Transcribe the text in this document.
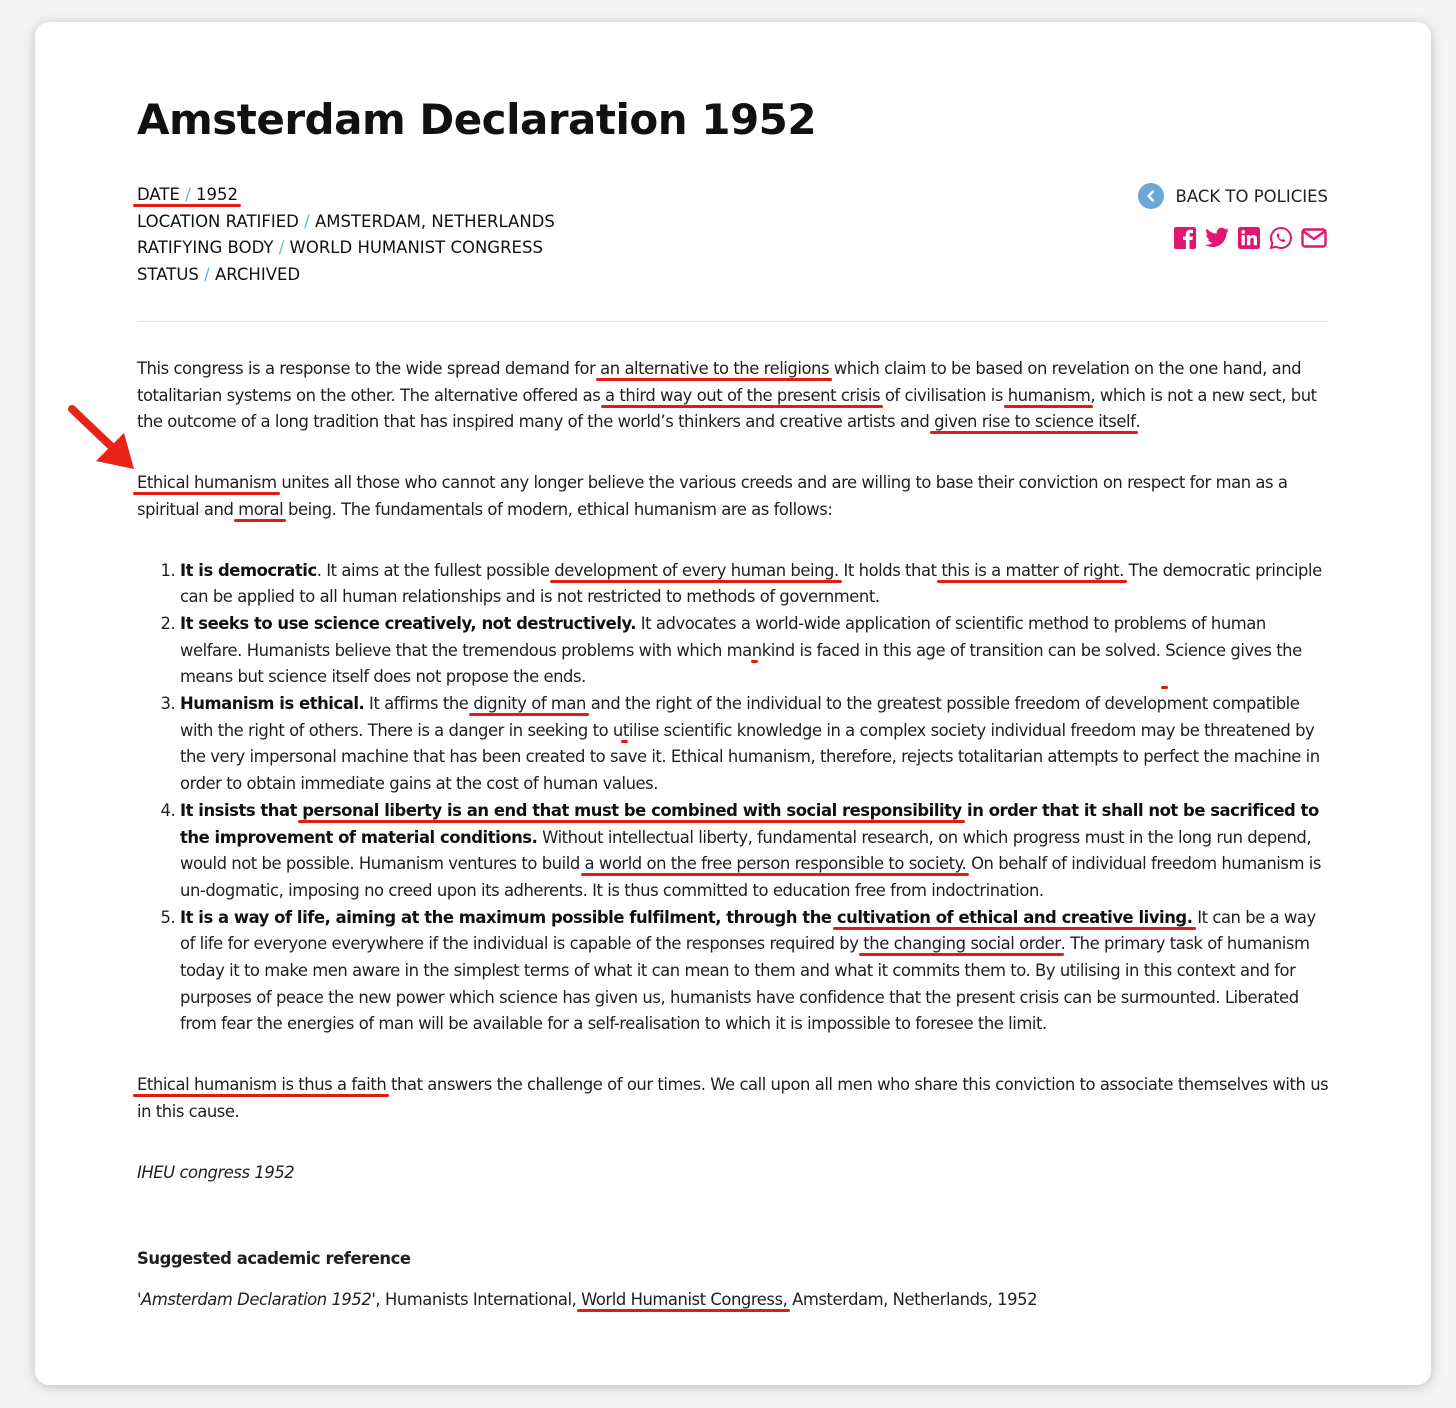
Amsterdam Declaration 1952
DATE / 1952
LOCATION RATIFIED / AMSTERDAM, NETHERLANDS
RATIFYING BODY / WORLD HUMANIST CONGRESS
STATUS / ARCHIVED
BACK TO POLICIES

This congress is a response to the wide spread demand for an alternative to the religions which claim to be based on revelation on the one hand, and totalitarian systems on the other. The alternative offered as a third way out of the present crisis of civilisation is humanism, which is not a new sect, but the outcome of a long tradition that has inspired many of the world’s thinkers and creative artists and given rise to science itself.

Ethical humanism unites all those who cannot any longer believe the various creeds and are willing to base their conviction on respect for man as a spiritual and moral being. The fundamentals of modern, ethical humanism are as follows:

1. It is democratic. It aims at the fullest possible development of every human being. It holds that this is a matter of right. The democratic principle can be applied to all human relationships and is not restricted to methods of government.
2. It seeks to use science creatively, not destructively. It advocates a world-wide application of scientific method to problems of human welfare. Humanists believe that the tremendous problems with which mankind is faced in this age of transition can be solved. Science gives the means but science itself does not propose the ends.
3. Humanism is ethical. It affirms the dignity of man and the right of the individual to the greatest possible freedom of development compatible with the right of others. There is a danger in seeking to utilise scientific knowledge in a complex society individual freedom may be threatened by the very impersonal machine that has been created to save it. Ethical humanism, therefore, rejects totalitarian attempts to perfect the machine in order to obtain immediate gains at the cost of human values.
4. It insists that personal liberty is an end that must be combined with social responsibility in order that it shall not be sacrificed to the improvement of material conditions. Without intellectual liberty, fundamental research, on which progress must in the long run depend, would not be possible. Humanism ventures to build a world on the free person responsible to society. On behalf of individual freedom humanism is un-dogmatic, imposing no creed upon its adherents. It is thus committed to education free from indoctrination.
5. It is a way of life, aiming at the maximum possible fulfilment, through the cultivation of ethical and creative living. It can be a way of life for everyone everywhere if the individual is capable of the responses required by the changing social order. The primary task of humanism today it to make men aware in the simplest terms of what it can mean to them and what it commits them to. By utilising in this context and for purposes of peace the new power which science has given us, humanists have confidence that the present crisis can be surmounted. Liberated from fear the energies of man will be available for a self-realisation to which it is impossible to foresee the limit.

Ethical humanism is thus a faith that answers the challenge of our times. We call upon all men who share this conviction to associate themselves with us in this cause.

IHEU congress 1952

Suggested academic reference

'Amsterdam Declaration 1952', Humanists International, World Humanist Congress, Amsterdam, Netherlands, 1952
